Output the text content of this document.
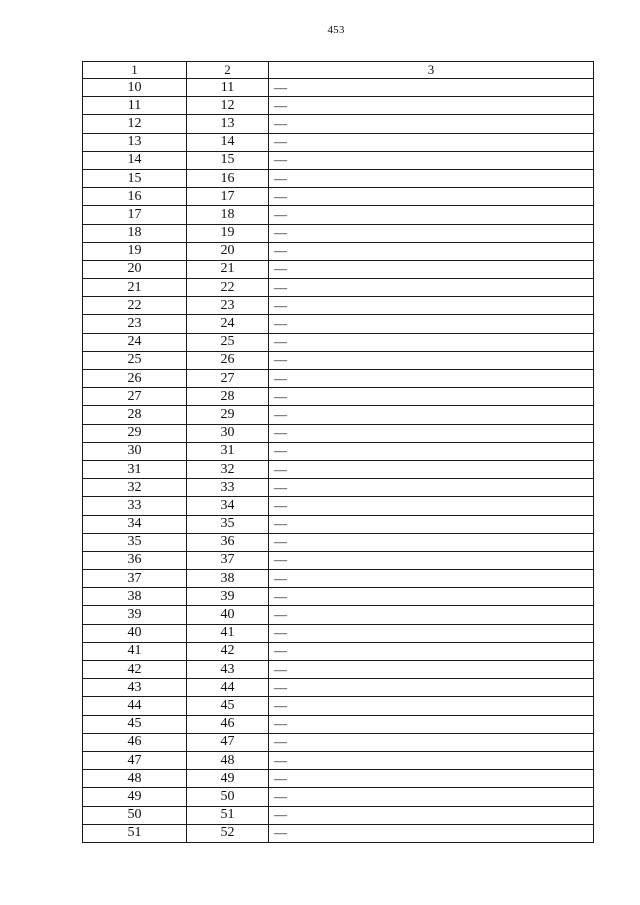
453
1	2	3
10	11	—
11	12	—
12	13	—
13	14	—
14	15	—
15	16	—
16	17	—
17	18	—
18	19	—
19	20	—
20	21	—
21	22	—
22	23	—
23	24	—
24	25	—
25	26	—
26	27	—
27	28	—
28	29	—
29	30	—
30	31	—
31	32	—
32	33	—
33	34	—
34	35	—
35	36	—
36	37	—
37	38	—
38	39	—
39	40	—
40	41	—
41	42	—
42	43	—
43	44	—
44	45	—
45	46	—
46	47	—
47	48	—
48	49	—
49	50	—
50	51	—
51	52	—
